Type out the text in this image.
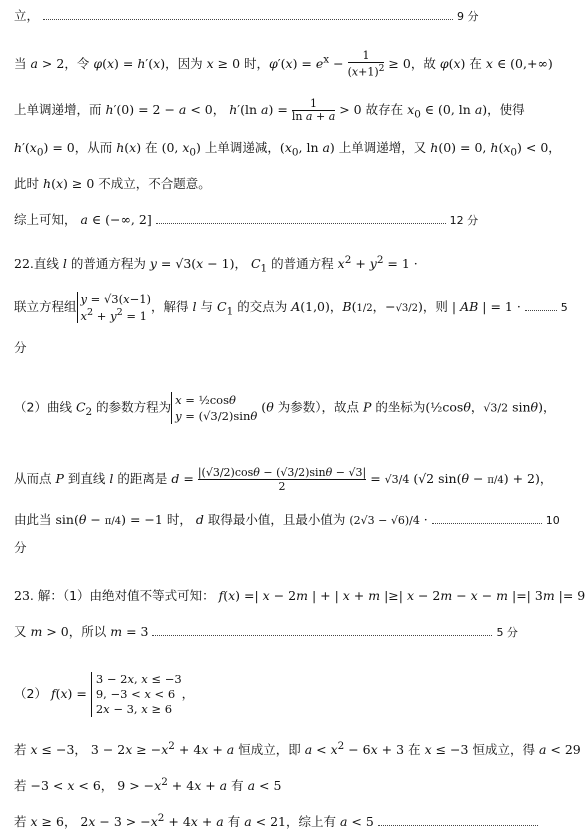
立，	9 分
当 a > 2，令 φ(x) = h′(x)，因为 x ≥ 0 时，$\varphi'(x) = e^x - \frac{1}{(x+1)^2} \ge 0$，故 φ(x) 在 x ∈ (0,+∞)
上单调递增，而 h′(0) = 2 − a < 0， h′(ln $a) = \frac{1}{\text{ln a + a}} > 0$ 故存在 $x_0$ ∈ (0, ln a)，使得
$h'(x_0) = 0$，从而 h(x) 在 (0, $x_0$) 上单调递减，($x_0$, ln a) 上单调递增，又 h(0) = 0, $h(x_0) < 0$，
此时 h(x) ≥ 0 不成立，不合题意。
综上可知， a ∈ (−∞, 2]	12 分
22.直线 l 的普通方程为 y = √3(x − 1)， $C_1$ 的普通方程 $x^2 + y^2 = 1$ ·
联立方程组 y = √3(x−1)
$x^2 + y^2 = 1$
，解得 l 与 $C_1$ 的交点为 A(1,0)，B(1/2，−√3/2)，则 | AB | = 1 ·	5
分
（2）曲线 $C_2$ 的参数方程为 x = ½cosθ
y = (√3/2)sinθ
(θ 为参数），故点 P 的坐标为(½cosθ，√3/2 sinθ)，
从而点 P 到直线 l 的距离是 $d = \frac{|(√3/2)\cos\theta - (√3/2)\sin\theta - √3|}{2} = √3/4$ (√2 sin(θ − π/4) + 2)，
由此当 sin(θ − π/4) = −1 时， d 取得最小值，且最小值为 (2√3 − √6)/4 ·	10
分
23. 解：（1）由绝对值不等式可知： f(x) =| x − 2m | + | x + m |≥| x − 2m − x − m |=| 3m |= 9
又 m > 0，所以 m = 3	5 分
（2） f(x) =
3 − 2x, x ≤ −3
9, −3 < x < 6
2x − 3, x ≥ 6
，
若 x ≤ −3， $3 - 2x \ge -x^2 + 4x + a$ 恒成立，即 $a < x^2 - 6x + 3$ 在 x ≤ −3 恒成立，得 a < 29
若 −3 < x < 6， $9 > -x^2 + 4x + a$ 有 a < 5
若 x ≥ 6， $2x - 3 > -x^2 + 4x + a$ 有 a < 21，综上有 a < 5
